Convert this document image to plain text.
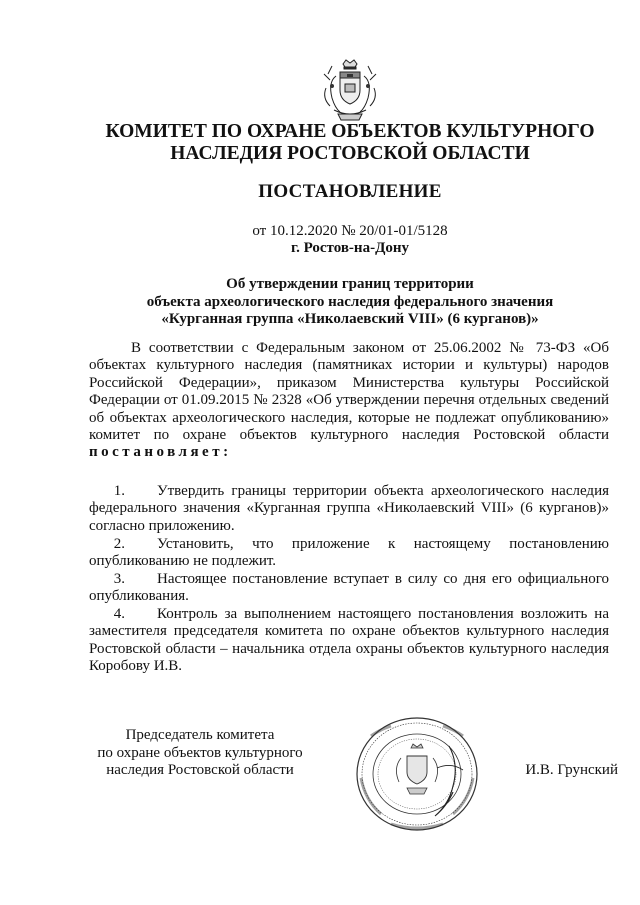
КОМИТЕТ ПО ОХРАНЕ ОБЪЕКТОВ КУЛЬТУРНОГО
НАСЛЕДИЯ РОСТОВСКОЙ ОБЛАСТИ
ПОСТАНОВЛЕНИЕ
от 10.12.2020 № 20/01-01/5128
г. Ростов-на-Дону
Об утверждении границ территории
объекта археологического наследия федерального значения
«Курганная группа «Николаевский VIII» (6 курганов)»
В соответствии с Федеральным законом от 25.06.2002 № 73-ФЗ «Об объектах культурного наследия (памятниках истории и культуры) народов Российской Федерации», приказом Министерства культуры Российской Федерации от 01.09.2015 № 2328 «Об утверждении перечня отдельных сведений об объектах археологического наследия, которые не подлежат опубликованию» комитет по охране объектов культурного наследия Ростовской области постановляет:
1. Утвердить границы территории объекта археологического наследия федерального значения «Курганная группа «Николаевский VIII» (6 курганов)» согласно приложению.
2. Установить, что приложение к настоящему постановлению опубликованию не подлежит.
3. Настоящее постановление вступает в силу со дня его официального опубликования.
4. Контроль за выполнением настоящего постановления возложить на заместителя председателя комитета по охране объектов культурного наследия Ростовской области – начальника отдела охраны объектов культурного наследия Коробову И.В.
Председатель комитета
по охране объектов культурного
наследия Ростовской области	И.В. Грунский
